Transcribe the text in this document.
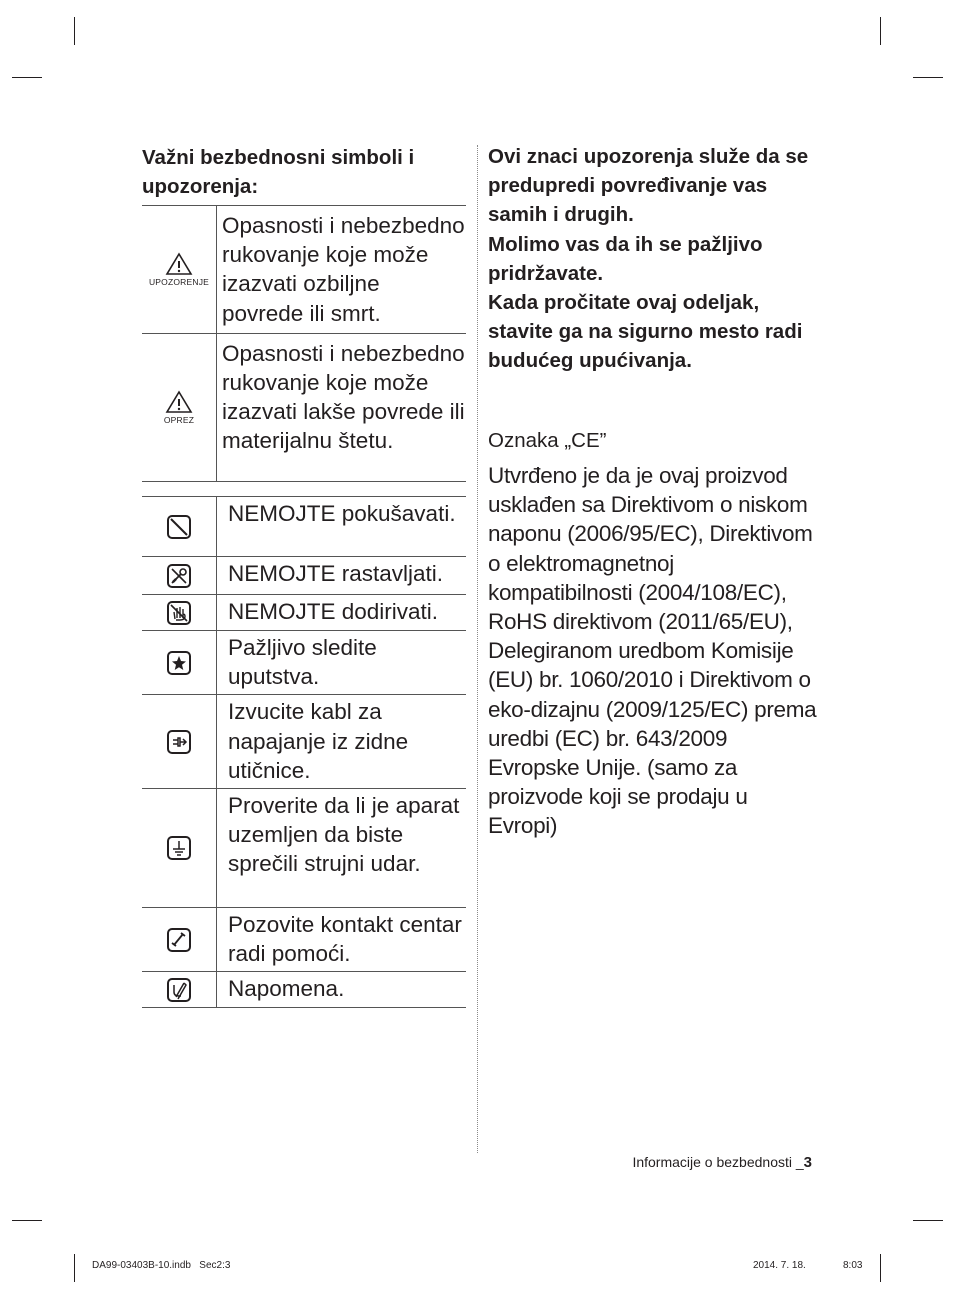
Važni bezbednosni simboli i upozorenja:
UPOZORENJE	Opasnosti i nebezbedno rukovanje koje može izazvati ozbiljne povrede ili smrt.

OPREZ	Opasnosti i nebezbedno rukovanje koje može izazvati lakše povrede ili materijalnu štetu.
	NEMOJTE pokušavati.

	NEMOJTE rastavljati.

	NEMOJTE dodirivati.

	Pažljivo sledite uputstva.

	Izvucite kabl za napajanje iz zidne utičnice.

	Proverite da li je aparat uzemljen da biste sprečili strujni udar.

	Pozovite kontakt centar radi pomoći.

	Napomena.

Ovi znaci upozorenja služe da se predupredi povređivanje vas samih i drugih.

Molimo vas da ih se pažljivo pridržavate.

Kada pročitate ovaj odeljak, stavite ga na sigurno mesto radi budućeg upućivanja.

Oznaka „CE”
Utvrđeno je da je ovaj proizvod usklađen sa Direktivom o niskom naponu (2006/95/EC), Direktivom o elektromagnetnoj kompatibilnosti (2004/108/EC), RoHS direktivom (2011/65/EU), Delegiranom uredbom Komisije (EU) br. 1060/2010 i Direktivom o eko-dizajnu (2009/125/EC) prema uredbi (EC) br. 643/2009 Evropske Unije. (samo za proizvode koji se prodaju u Evropi)
Informacije o bezbednosti _3
DA99-03403B-10.indb   Sec2:3	2014. 7. 18.	8:03
